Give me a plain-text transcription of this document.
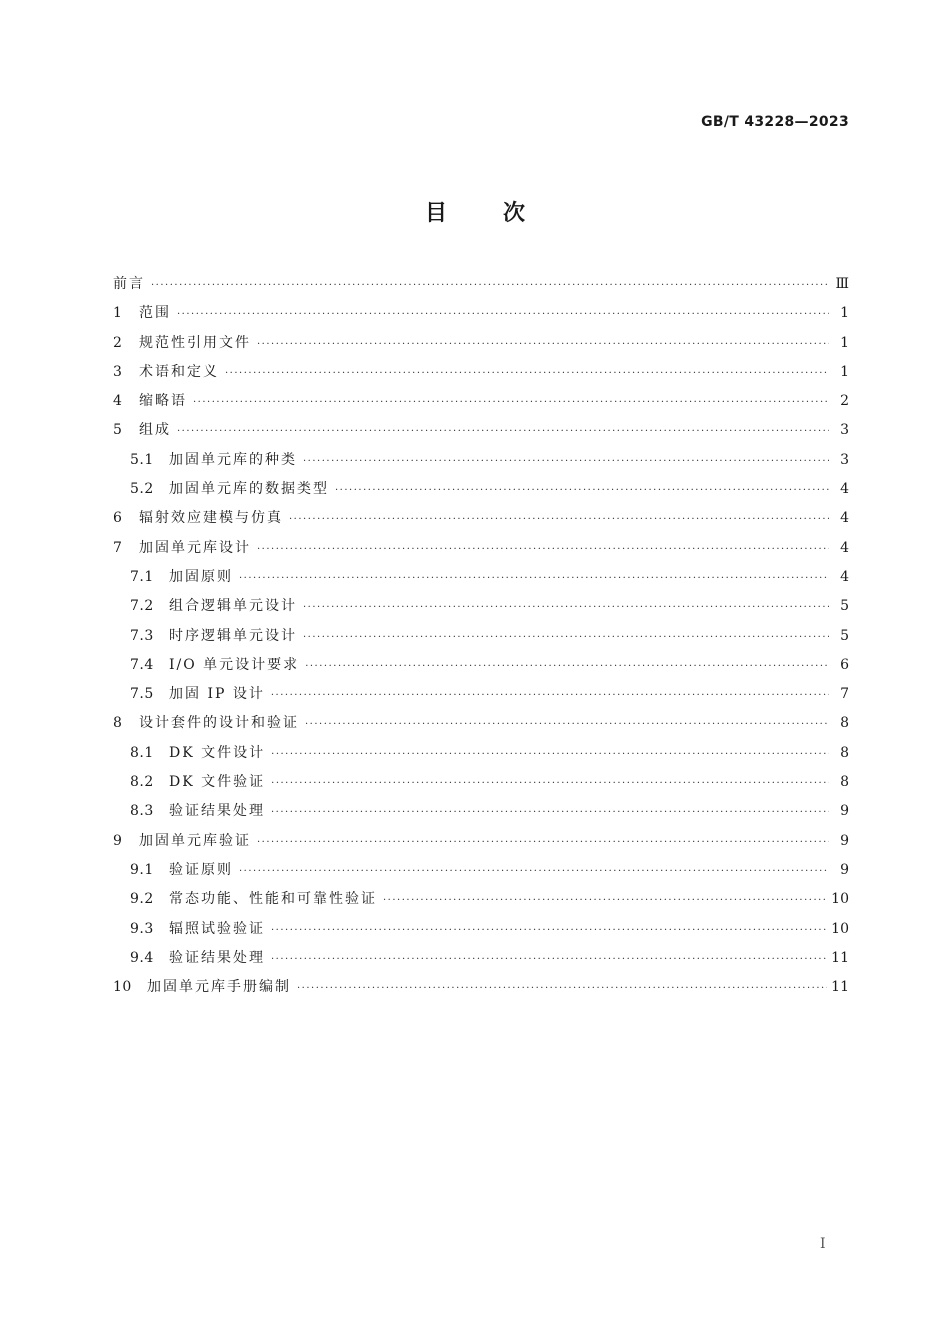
GB/T 43228—2023
目次
前言 ·····	Ⅲ
1	范围 ·····	1
2	规范性引用文件 ·····	1
3	术语和定义 ·····	1
4	缩略语 ·····	2
5	组成 ·····	3
5.1	加固单元库的种类 ·····	3
5.2	加固单元库的数据类型 ·····	4
6	辐射效应建模与仿真 ·····	4
7	加固单元库设计 ·····	4
7.1	加固原则 ·····	4
7.2	组合逻辑单元设计 ·····	5
7.3	时序逻辑单元设计 ·····	5
7.4	I/O 单元设计要求 ·····	6
7.5	加固 IP 设计 ·····	7
8	设计套件的设计和验证 ·····	8
8.1	DK 文件设计 ·····	8
8.2	DK 文件验证 ·····	8
8.3	验证结果处理 ·····	9
9	加固单元库验证 ·····	9
9.1	验证原则 ·····	9
9.2	常态功能、性能和可靠性验证 ·····	10
9.3	辐照试验验证 ·····	10
9.4	验证结果处理 ·····	11
10	加固单元库手册编制 ·····	11
Ⅰ
